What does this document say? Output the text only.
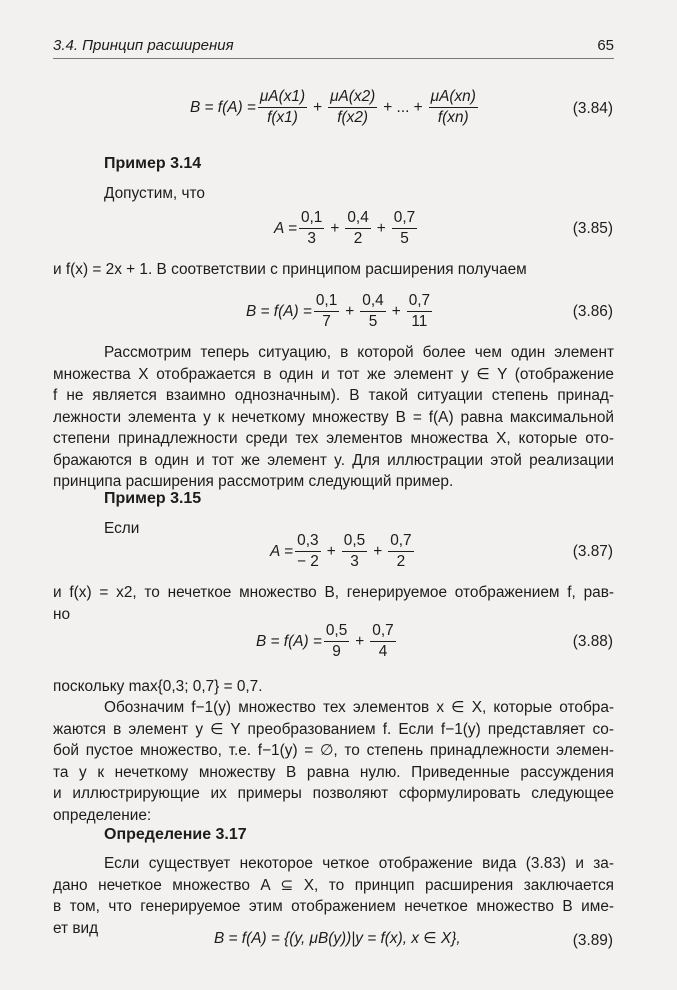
3.4. Принцип расширения	65
$B = f(A) = \frac{\mu A(x1)}{f(x1)} + \frac{\mu A(x2)}{f(x2)}$ + ... + $\frac{\mu A(xn)}{f(xn)}$	(3.84)
Пример 3.14
Допустим, что
$A = \frac{0,1}{3} + \frac{0,4}{2} + \frac{0,7}{5}$	(3.85)
и f(x) = 2x + 1. В соответствии с принципом расширения получаем
$B = f(A) = \frac{0,1}{7} + \frac{0,4}{5} + \frac{0,7}{11}$	(3.86)
Рассмотрим теперь ситуацию, в которой более чем один элемент
множества X отображается в один и тот же элемент y ∈ Y (отображение
f не является взаимно однозначным). В такой ситуации степень принад-
лежности элемента y к нечеткому множеству B = f(A) равна максимальной
степени принадлежности среди тех элементов множества X, которые ото-
бражаются в один и тот же элемент y. Для иллюстрации этой реализации
принципа расширения рассмотрим следующий пример.
Пример 3.15
Если
$A = \frac{0,3}{- 2} + \frac{0,5}{3} + \frac{0,7}{2}$	(3.87)
и f(x) = x2, то нечеткое множество B, генерируемое отображением f, рав-
но
$B = f(A) = \frac{0,5}{9} + \frac{0,7}{4}$	(3.88)
поскольку max{0,3; 0,7} = 0,7.
Обозначим f−1(y) множество тех элементов x ∈ X, которые отобра-
жаются в элемент y ∈ Y преобразованием f. Если f−1(y) представляет со-
бой пустое множество, т.е. f−1(y) = ∅, то степень принадлежности элемен-
та y к нечеткому множеству B равна нулю. Приведенные рассуждения
и иллюстрирующие их примеры позволяют сформулировать следующее
определение:
Определение 3.17
Если существует некоторое четкое отображение вида (3.83) и за-
дано нечеткое множество A ⊆ X, то принцип расширения заключается
в том, что генерируемое этим отображением нечеткое множество B име-
ет вид
B = f(A) = {(y, μB(y))|y = f(x), x ∈ X},	(3.89)
